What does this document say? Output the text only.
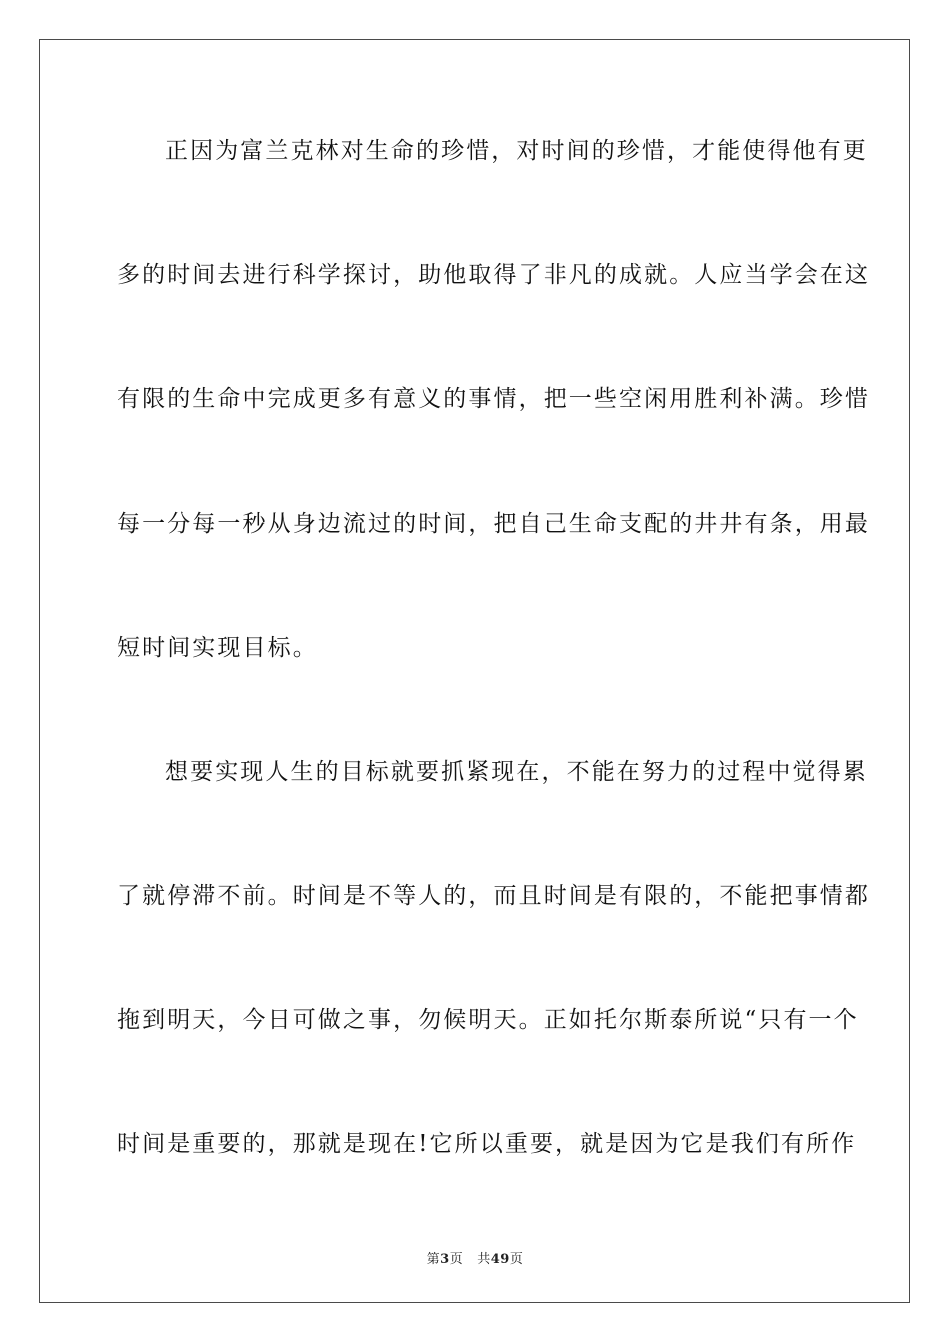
正因为富兰克林对生命的珍惜，对时间的珍惜，才能使得他有更
多的时间去进行科学探讨，助他取得了非凡的成就。人应当学会在这
有限的生命中完成更多有意义的事情，把一些空闲用胜利补满。珍惜
每一分每一秒从身边流过的时间，把自己生命支配的井井有条，用最
短时间实现目标。
想要实现人生的目标就要抓紧现在，不能在努力的过程中觉得累
了就停滞不前。时间是不等人的，而且时间是有限的，不能把事情都
拖到明天，今日可做之事，勿候明天。正如托尔斯泰所说“只有一个
时间是重要的，那就是现在!它所以重要，就是因为它是我们有所作
第3页 共49页
